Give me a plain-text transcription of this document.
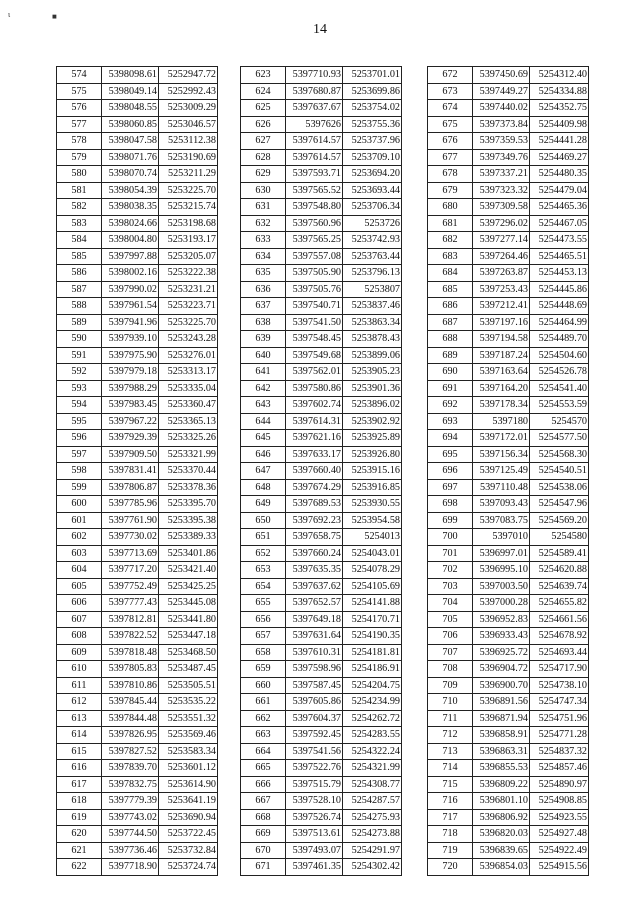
ι	■
14
574	5398098.61	5252947.72
575	5398049.14	5252992.43
576	5398048.55	5253009.29
577	5398060.85	5253046.57
578	5398047.58	5253112.38
579	5398071.76	5253190.69
580	5398070.74	5253211.29
581	5398054.39	5253225.70
582	5398038.35	5253215.74
583	5398024.66	5253198.68
584	5398004.80	5253193.17
585	5397997.88	5253205.07
586	5398002.16	5253222.38
587	5397990.02	5253231.21
588	5397961.54	5253223.71
589	5397941.96	5253225.70
590	5397939.10	5253243.28
591	5397975.90	5253276.01
592	5397979.18	5253313.17
593	5397988.29	5253335.04
594	5397983.45	5253360.47
595	5397967.22	5253365.13
596	5397929.39	5253325.26
597	5397909.50	5253321.99
598	5397831.41	5253370.44
599	5397806.87	5253378.36
600	5397785.96	5253395.70
601	5397761.90	5253395.38
602	5397730.02	5253389.33
603	5397713.69	5253401.86
604	5397717.20	5253421.40
605	5397752.49	5253425.25
606	5397777.43	5253445.08
607	5397812.81	5253441.80
608	5397822.52	5253447.18
609	5397818.48	5253468.50
610	5397805.83	5253487.45
611	5397810.86	5253505.51
612	5397845.44	5253535.22
613	5397844.48	5253551.32
614	5397826.95	5253569.46
615	5397827.52	5253583.34
616	5397839.70	5253601.12
617	5397832.75	5253614.90
618	5397779.39	5253641.19
619	5397743.02	5253690.94
620	5397744.50	5253722.45
621	5397736.46	5253732.84
622	5397718.90	5253724.74
623	5397710.93	5253701.01
624	5397680.87	5253699.86
625	5397637.67	5253754.02
626	5397626	5253755.36
627	5397614.57	5253737.96
628	5397614.57	5253709.10
629	5397593.71	5253694.20
630	5397565.52	5253693.44
631	5397548.80	5253706.34
632	5397560.96	5253726
633	5397565.25	5253742.93
634	5397557.08	5253763.44
635	5397505.90	5253796.13
636	5397505.76	5253807
637	5397540.71	5253837.46
638	5397541.50	5253863.34
639	5397548.45	5253878.43
640	5397549.68	5253899.06
641	5397562.01	5253905.23
642	5397580.86	5253901.36
643	5397602.74	5253896.02
644	5397614.31	5253902.92
645	5397621.16	5253925.89
646	5397633.17	5253926.80
647	5397660.40	5253915.16
648	5397674.29	5253916.85
649	5397689.53	5253930.55
650	5397692.23	5253954.58
651	5397658.75	5254013
652	5397660.24	5254043.01
653	5397635.35	5254078.29
654	5397637.62	5254105.69
655	5397652.57	5254141.88
656	5397649.18	5254170.71
657	5397631.64	5254190.35
658	5397610.31	5254181.81
659	5397598.96	5254186.91
660	5397587.45	5254204.75
661	5397605.86	5254234.99
662	5397604.37	5254262.72
663	5397592.45	5254283.55
664	5397541.56	5254322.24
665	5397522.76	5254321.99
666	5397515.79	5254308.77
667	5397528.10	5254287.57
668	5397526.74	5254275.93
669	5397513.61	5254273.88
670	5397493.07	5254291.97
671	5397461.35	5254302.42
672	5397450.69	5254312.40
673	5397449.27	5254334.88
674	5397440.02	5254352.75
675	5397373.84	5254409.98
676	5397359.53	5254441.28
677	5397349.76	5254469.27
678	5397337.21	5254480.35
679	5397323.32	5254479.04
680	5397309.58	5254465.36
681	5397296.02	5254467.05
682	5397277.14	5254473.55
683	5397264.46	5254465.51
684	5397263.87	5254453.13
685	5397253.43	5254445.86
686	5397212.41	5254448.69
687	5397197.16	5254464.99
688	5397194.58	5254489.70
689	5397187.24	5254504.60
690	5397163.64	5254526.78
691	5397164.20	5254541.40
692	5397178.34	5254553.59
693	5397180	5254570
694	5397172.01	5254577.50
695	5397156.34	5254568.30
696	5397125.49	5254540.51
697	5397110.48	5254538.06
698	5397093.43	5254547.96
699	5397083.75	5254569.20
700	5397010	5254580
701	5396997.01	5254589.41
702	5396995.10	5254620.88
703	5397003.50	5254639.74
704	5397000.28	5254655.82
705	5396952.83	5254661.56
706	5396933.43	5254678.92
707	5396925.72	5254693.44
708	5396904.72	5254717.90
709	5396900.70	5254738.10
710	5396891.56	5254747.34
711	5396871.94	5254751.96
712	5396858.91	5254771.28
713	5396863.31	5254837.32
714	5396855.53	5254857.46
715	5396809.22	5254890.97
716	5396801.10	5254908.85
717	5396806.92	5254923.55
718	5396820.03	5254927.48
719	5396839.65	5254922.49
720	5396854.03	5254915.56
